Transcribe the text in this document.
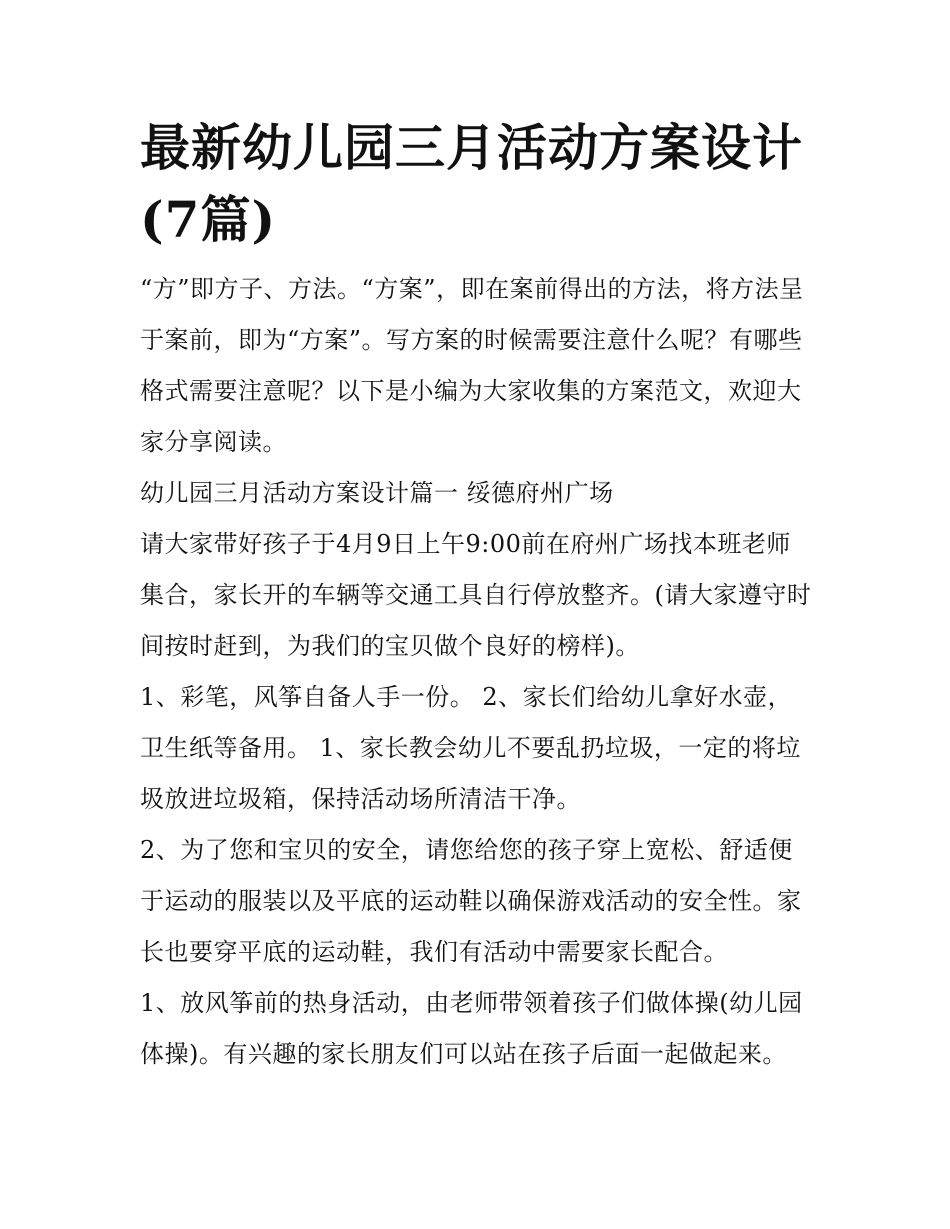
最新幼儿园三月活动方案设计(7篇)

“方”即方子、方法。“方案”，即在案前得出的方法，将方法呈于案前，即为“方案”。写方案的时候需要注意什么呢？有哪些格式需要注意呢？以下是小编为大家收集的方案范文，欢迎大家分享阅读。

幼儿园三月活动方案设计篇一 绥德府州广场

请大家带好孩子于4月9日上午9:00前在府州广场找本班老师集合，家长开的车辆等交通工具自行停放整齐。(请大家遵守时间按时赶到，为我们的宝贝做个良好的榜样)。

1、彩笔，风筝自备人手一份。 2、家长们给幼儿拿好水壶，卫生纸等备用。 1、家长教会幼儿不要乱扔垃圾，一定的将垃圾放进垃圾箱，保持活动场所清洁干净。

2、为了您和宝贝的安全，请您给您的孩子穿上宽松、舒适便于运动的服装以及平底的运动鞋以确保游戏活动的安全性。家长也要穿平底的运动鞋，我们有活动中需要家长配合。

1、放风筝前的热身活动，由老师带领着孩子们做体操(幼儿园体操)。有兴趣的家长朋友们可以站在孩子后面一起做起来。
